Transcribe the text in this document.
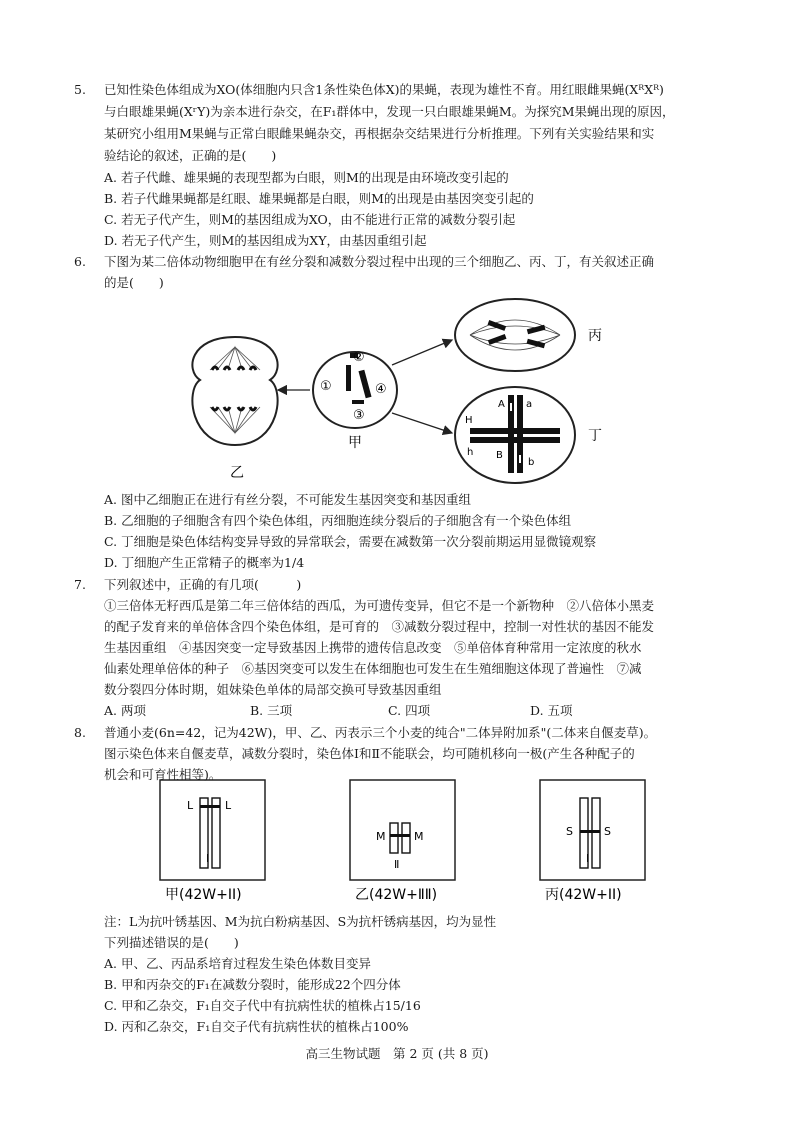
5. 已知性染色体组成为XO(体细胞内只含1条性染色体X)的果蝇，表现为雄性不育。用红眼雌果蝇(XᴿXᴿ)
与白眼雄果蝇(XʳY)为亲本进行杂交，在F₁群体中，发现一只白眼雄果蝇M。为探究M果蝇出现的原因，
某研究小组用M果蝇与正常白眼雌果蝇杂交，再根据杂交结果进行分析推理。下列有关实验结果和实
验结论的叙述，正确的是(　　)
A. 若子代雌、雄果蝇的表现型都为白眼，则M的出现是由环境改变引起的
B. 若子代雌果蝇都是红眼、雄果蝇都是白眼，则M的出现是由基因突变引起的
C. 若无子代产生，则M的基因组成为XO，由不能进行正常的减数分裂引起
D. 若无子代产生，则M的基因组成为XY，由基因重组引起
6. 下图为某二倍体动物细胞甲在有丝分裂和减数分裂过程中出现的三个细胞乙、丙、丁，有关叙述正确
的是(　　)
乙
①
②
④
③
甲
丙
A a
B
b
H
h
丁
A. 图中乙细胞正在进行有丝分裂，不可能发生基因突变和基因重组
B. 乙细胞的子细胞含有四个染色体组，丙细胞连续分裂后的子细胞含有一个染色体组
C. 丁细胞是染色体结构变异导致的异常联会，需要在减数第一次分裂前期运用显微镜观察
D. 丁细胞产生正常精子的概率为1/4
7. 下列叙述中，正确的有几项(　　　)
①三倍体无籽西瓜是第二年三倍体结的西瓜，为可遗传变异，但它不是一个新物种　②八倍体小黑麦
的配子发育来的单倍体含四个染色体组，是可育的　③减数分裂过程中，控制一对性状的基因不能发
生基因重组　④基因突变一定导致基因上携带的遗传信息改变　⑤单倍体育种常用一定浓度的秋水
仙素处理单倍体的种子　⑥基因突变可以发生在体细胞也可发生在生殖细胞这体现了普遍性　⑦减
数分裂四分体时期，姐妹染色单体的局部交换可导致基因重组
A. 两项	B. 三项	C. 四项	D. 五项
8. 普通小麦(6n=42，记为42W)，甲、乙、丙表示三个小麦的纯合"二体异附加系"(二体来自偃麦草)。
图示染色体来自偃麦草，减数分裂时，染色体Ⅰ和Ⅱ不能联会，均可随机移向一极(产生各种配子的
机会和可育性相等)。
L	L
Ⅰ
甲(42W+ⅠⅠ)
M	M
Ⅱ
乙(42W+ⅡⅡ)
S	S
Ⅰ
丙(42W+ⅠⅠ)
注：L为抗叶锈基因、M为抗白粉病基因、S为抗杆锈病基因，均为显性
下列描述错误的是(　　)
A. 甲、乙、丙品系培育过程发生染色体数目变异
B. 甲和丙杂交的F₁在减数分裂时，能形成22个四分体
C. 甲和乙杂交，F₁自交子代中有抗病性状的植株占15/16
D. 丙和乙杂交，F₁自交子代有抗病性状的植株占100%
高三生物试题　第 2 页 (共 8 页)
